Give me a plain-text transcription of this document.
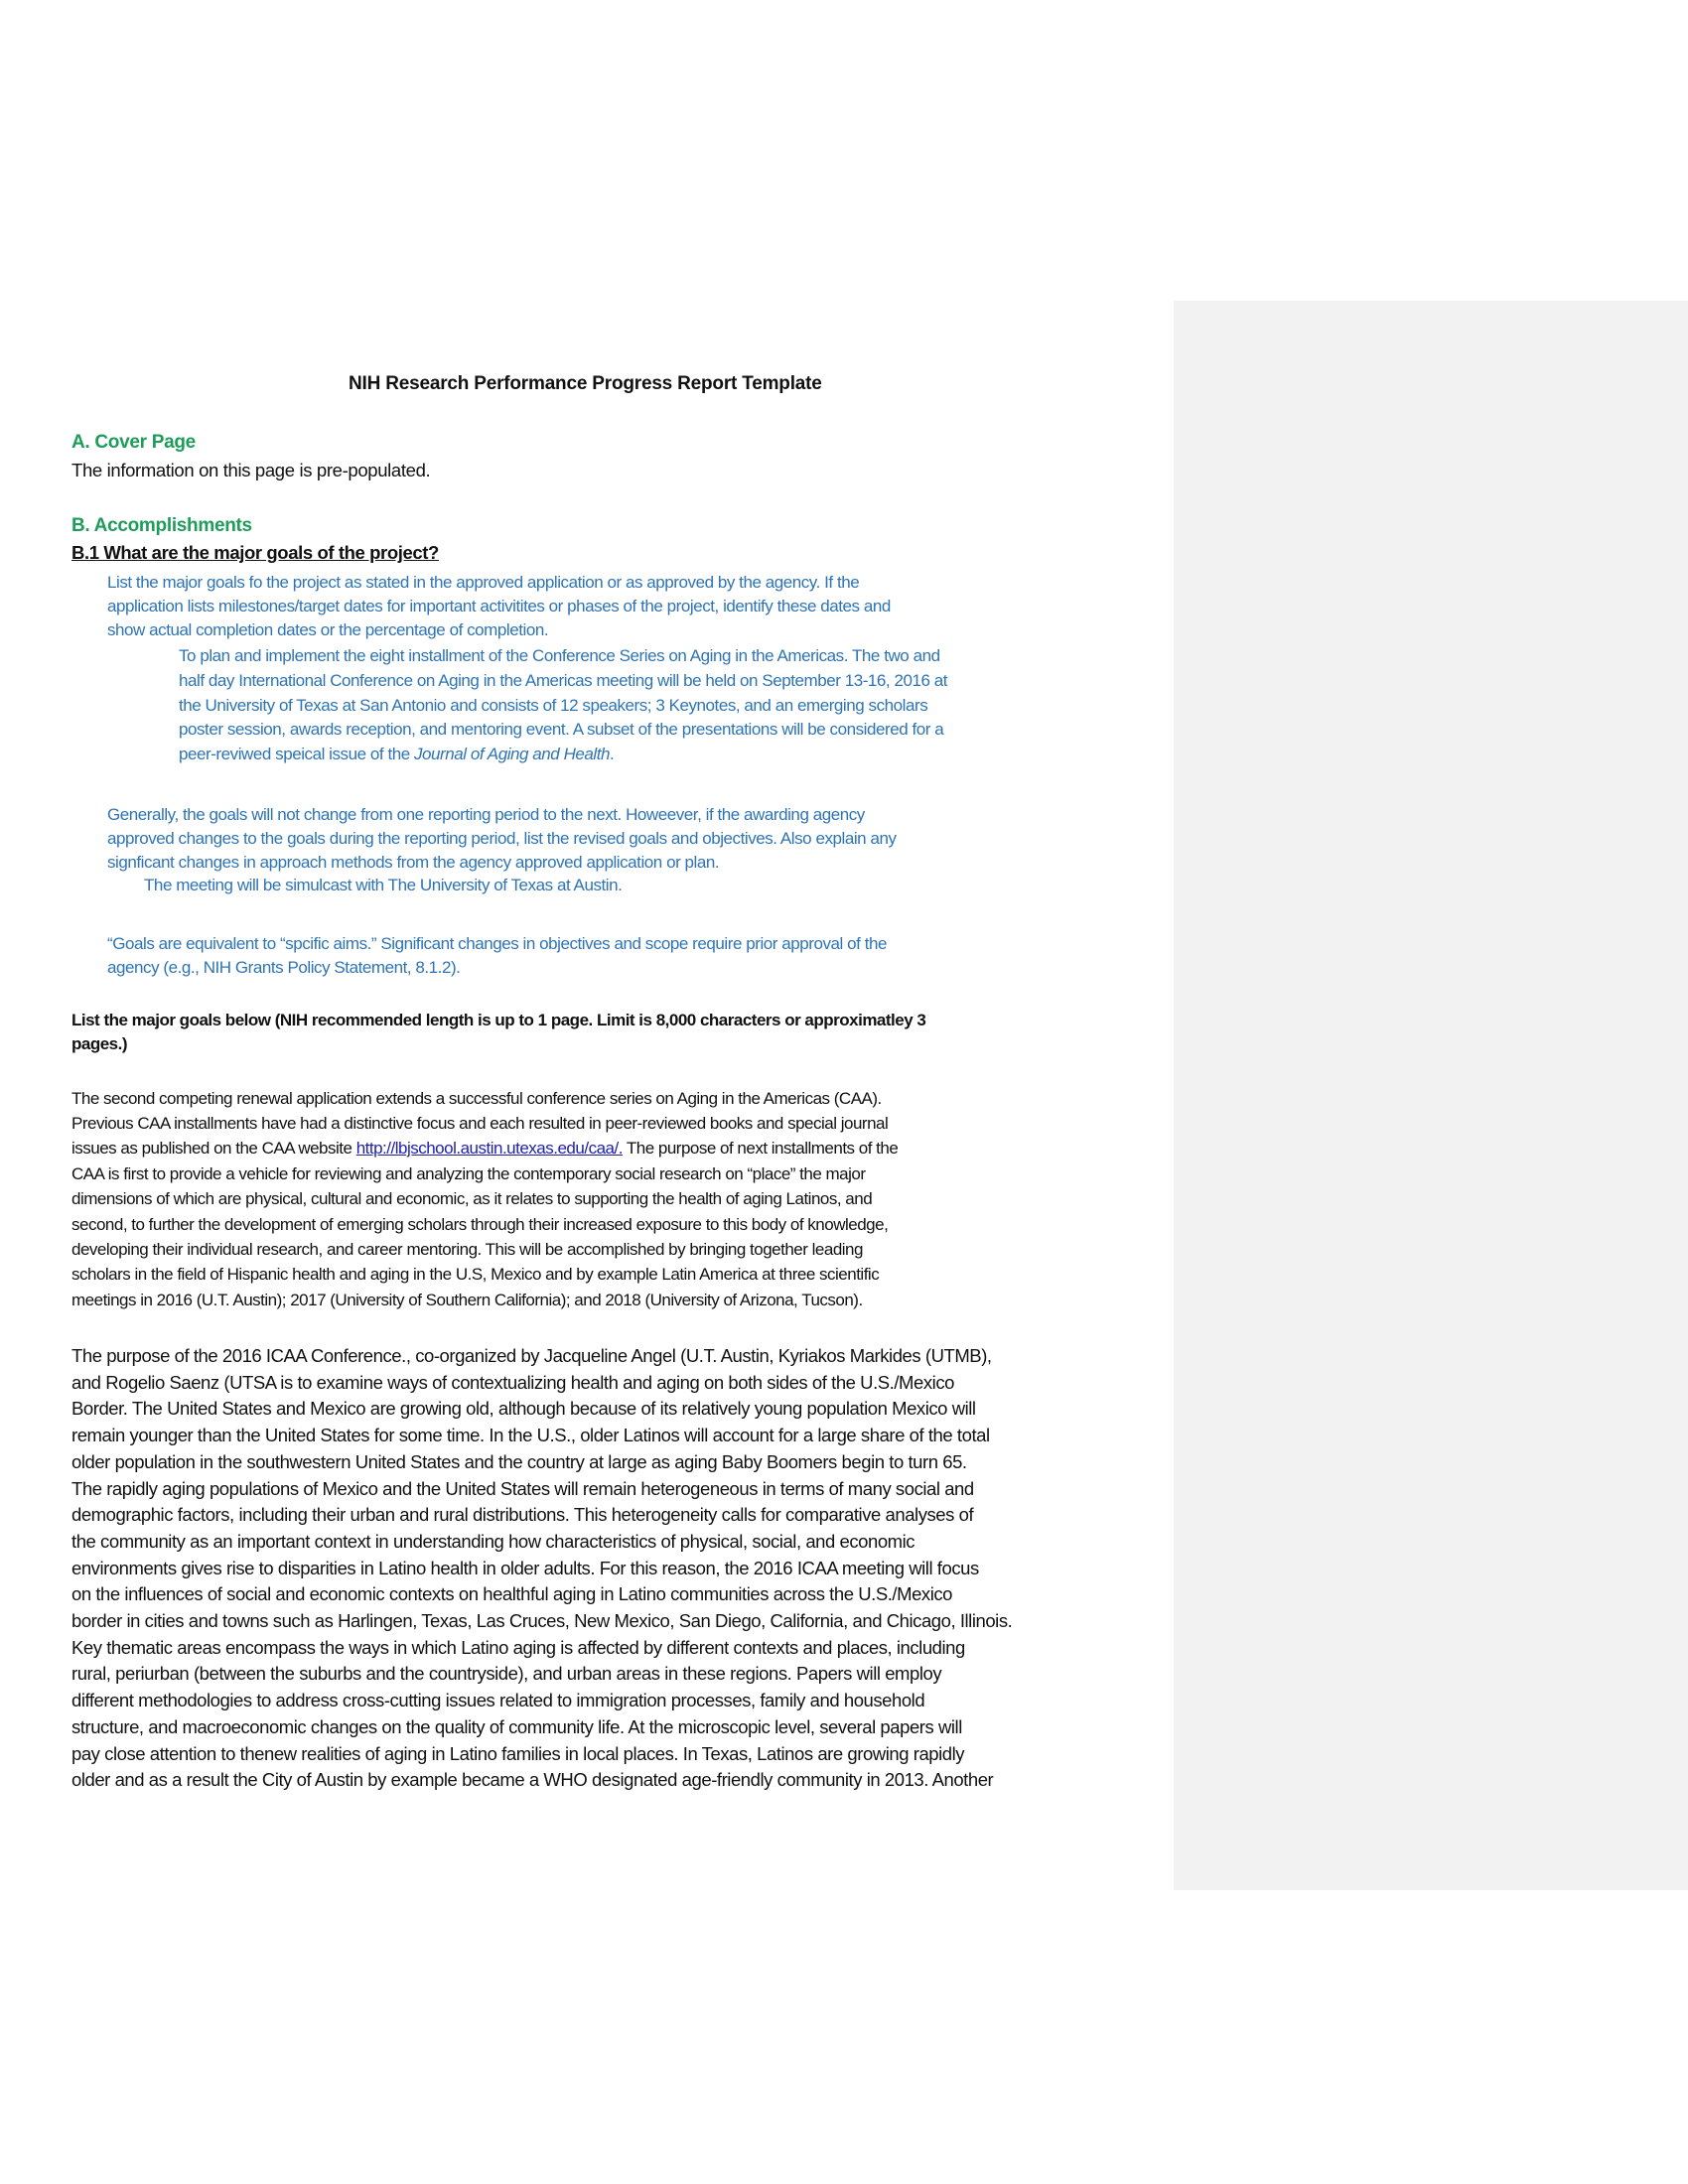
NIH Research Performance Progress Report Template
A. Cover Page
The information on this page is pre-populated.
B. Accomplishments
B.1 What are the major goals of the project?
List the major goals fo the project as stated in the approved application or as approved by the agency. If the
application lists milestones/target dates for important activitites or phases of the project, identify these dates and
show actual completion dates or the percentage of completion.
To plan and implement the eight installment of the Conference Series on Aging in the Americas. The two and
half day International Conference on Aging in the Americas meeting will be held on September 13-16, 2016 at
the University of Texas at San Antonio and consists of 12 speakers; 3 Keynotes, and an emerging scholars
poster session, awards reception, and mentoring event. A subset of the presentations will be considered for a
peer-reviwed speical issue of the Journal of Aging and Health.
Generally, the goals will not change from one reporting period to the next. Howeever, if the awarding agency
approved changes to the goals during the reporting period, list the revised goals and objectives. Also explain any
signficant changes in approach methods from the agency approved application or plan.
The meeting will be simulcast with The University of Texas at Austin.
“Goals are equivalent to “spcific aims.” Significant changes in objectives and scope require prior approval of the
agency (e.g., NIH Grants Policy Statement, 8.1.2).
List the major goals below (NIH recommended length is up to 1 page. Limit is 8,000 characters or approximatley 3
pages.)
The second competing renewal application extends a successful conference series on Aging in the Americas (CAA).
Previous CAA installments have had a distinctive focus and each resulted in peer-reviewed books and special journal
issues as published on the CAA website http://lbjschool.austin.utexas.edu/caa/. The purpose of next installments of the
CAA is first to provide a vehicle for reviewing and analyzing the contemporary social research on “place” the major
dimensions of which are physical, cultural and economic, as it relates to supporting the health of aging Latinos, and
second, to further the development of emerging scholars through their increased exposure to this body of knowledge,
developing their individual research, and career mentoring. This will be accomplished by bringing together leading
scholars in the field of Hispanic health and aging in the U.S, Mexico and by example Latin America at three scientific
meetings in 2016 (U.T. Austin); 2017 (University of Southern California); and 2018 (University of Arizona, Tucson).
The purpose of the 2016 ICAA Conference., co-organized by Jacqueline Angel (U.T. Austin, Kyriakos Markides (UTMB),
and Rogelio Saenz (UTSA is to examine ways of contextualizing health and aging on both sides of the U.S./Mexico
Border. The United States and Mexico are growing old, although because of its relatively young population Mexico will
remain younger than the United States for some time. In the U.S., older Latinos will account for a large share of the total
older population in the southwestern United States and the country at large as aging Baby Boomers begin to turn 65.
The rapidly aging populations of Mexico and the United States will remain heterogeneous in terms of many social and
demographic factors, including their urban and rural distributions. This heterogeneity calls for comparative analyses of
the community as an important context in understanding how characteristics of physical, social, and economic
environments gives rise to disparities in Latino health in older adults. For this reason, the 2016 ICAA meeting will focus
on the influences of social and economic contexts on healthful aging in Latino communities across the U.S./Mexico
border in cities and towns such as Harlingen, Texas, Las Cruces, New Mexico, San Diego, California, and Chicago, Illinois.
Key thematic areas encompass the ways in which Latino aging is affected by different contexts and places, including
rural, periurban (between the suburbs and the countryside), and urban areas in these regions. Papers will employ
different methodologies to address cross-cutting issues related to immigration processes, family and household
structure, and macroeconomic changes on the quality of community life. At the microscopic level, several papers will
pay close attention to thenew realities of aging in Latino families in local places. In Texas, Latinos are growing rapidly
older and as a result the City of Austin by example became a WHO designated age-friendly community in 2013. Another
